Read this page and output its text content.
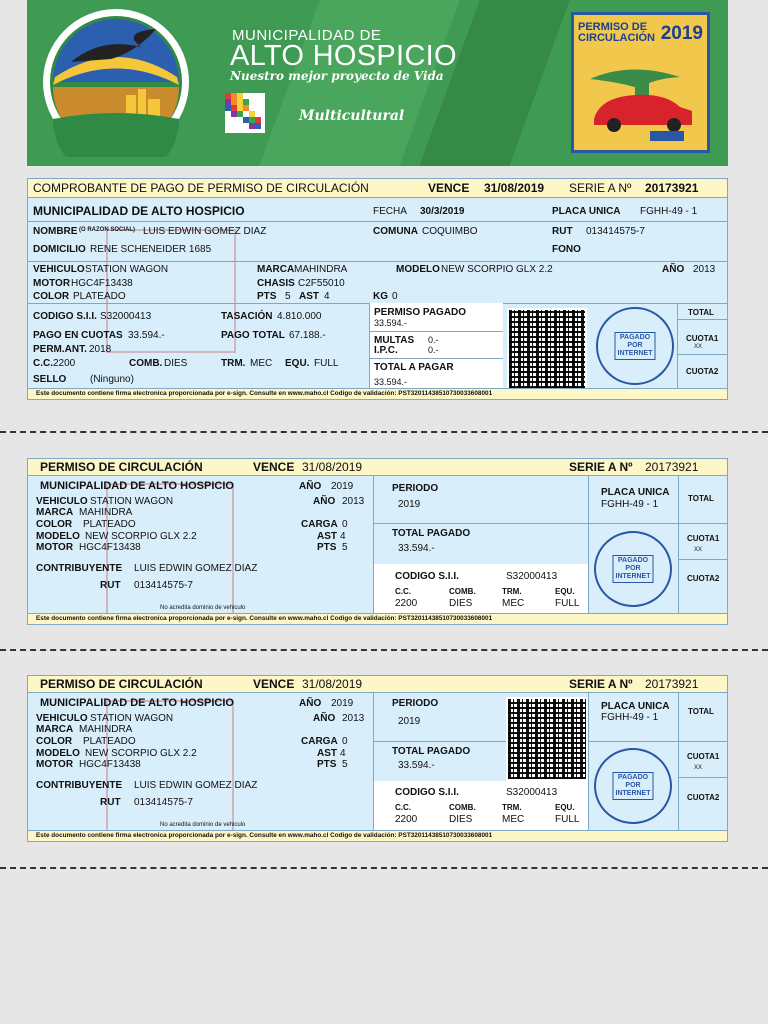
MUNICIPALIDAD DE
ALTO HOSPICIO
Nuestro mejor proyecto de Vida
Multicultural
PERMISO DE
CIRCULACIÓN 2019
COMPROBANTE DE PAGO DE PERMISO DE CIRCULACIÓN	VENCE 31/08/2019 SERIE A Nº 20173921
MUNICIPALIDAD DE ALTO HOSPICIO	FECHA 30/3/2019	PLACA UNICA FGHH-49 - 1
NOMBRE (O RAZON SOCIAL) LUIS EDWIN GOMEZ DIAZ	COMUNA COQUIMBO	RUT 013414575-7
DOMICILIO RENE SCHENEIDER 1685	FONO
VEHICULO STATION WAGON	MARCA MAHINDRA	MODELO NEW SCORPIO GLX 2.2	AÑO 2013
MOTOR HGC4F13438	CHASIS C2F55010
COLOR PLATEADO	PTS 5 AST 4	KG 0
CODIGO S.I.I. S32000413	TASACIÓN 4.810.000
PAGO EN CUOTAS 33.594.-	PAGO TOTAL 67.188.-
PERM.ANT. 2018
C.C. 2200	COMB. DIES	TRM. MEC EQU. FULL
SELLO (Ninguno)
PERMISO PAGADO
33.594.-
MULTAS 0.-
I.P.C.	0.-
TOTAL A PAGAR
33.594.-
PAGADO POR INTERNET
TOTAL
CUOTA1
XX
CUOTA2
Este documento contiene firma electronica proporcionada por e-sign. Consulte en www.maho.cl Codigo de validación: PST32011438510730033608001
PERMISO DE CIRCULACIÓN	VENCE 31/08/2019	SERIE A Nº 20173921
MUNICIPALIDAD DE ALTO HOSPICIO	AÑO 2019
VEHICULO STATION WAGON	AÑO 2013
MARCA MAHINDRA
COLOR PLATEADO	CARGA 0
MODELO NEW SCORPIO GLX 2.2	AST 4
MOTOR HGC4F13438	PTS 5
CONTRIBUYENTE LUIS EDWIN GOMEZ DIAZ
RUT 013414575-7
No acredita dominio de vehiculo
PERIODO
2019
TOTAL PAGADO
33.594.-
CODIGO S.I.I.	S32000413
C.C.	COMB.	TRM.	EQU.
2200	DIES	MEC	FULL
PLACA UNICA
FGHH-49 - 1
PAGADO POR INTERNET
TOTAL
CUOTA1
XX
CUOTA2
Este documento contiene firma electronica proporcionada por e-sign. Consulte en www.maho.cl Codigo de validación: PST32011438510730033608001
PERMISO DE CIRCULACIÓN	VENCE 31/08/2019	SERIE A Nº 20173921
MUNICIPALIDAD DE ALTO HOSPICIO	AÑO 2019
VEHICULO STATION WAGON	AÑO 2013
MARCA MAHINDRA
COLOR PLATEADO	CARGA 0
MODELO NEW SCORPIO GLX 2.2	AST 4
MOTOR HGC4F13438	PTS 5
CONTRIBUYENTE LUIS EDWIN GOMEZ DIAZ
RUT 013414575-7
No acredita dominio de vehiculo
PERIODO
2019
TOTAL PAGADO
33.594.-
CODIGO S.I.I.	S32000413
C.C.	COMB.	TRM.	EQU.
2200	DIES	MEC	FULL
PLACA UNICA
FGHH-49 - 1
PAGADO POR INTERNET
TOTAL
CUOTA1
XX
CUOTA2
Este documento contiene firma electronica proporcionada por e-sign. Consulte en www.maho.cl Codigo de validación: PST32011438510730033608001
